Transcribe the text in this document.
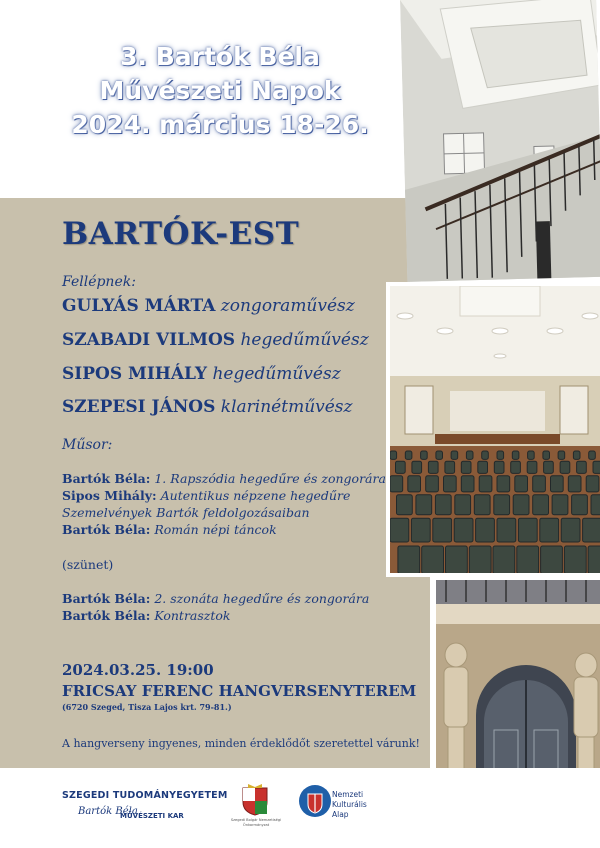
3. Bartók Béla
Művészeti Napok
2024. március 18-26.
BARTÓK-EST
Fellépnek:
GULYÁS MÁRTA zongoraművész
SZABADI VILMOS hegedűművész
SIPOS MIHÁLY hegedűművész
SZEPESI JÁNOS klarinétművész
Műsor:
Bartók Béla: 1. Rapszódia hegedűre és zongorára
Sipos Mihály: Autentikus népzene hegedűre
Szemelvények Bartók feldolgozásaiban
Bartók Béla: Román népi táncok
(szünet)
Bartók Béla: 2. szonáta hegedűre és zongorára
Bartók Béla: Kontrasztok
2024.03.25. 19:00
FRICSAY FERENC HANGVERSENYTEREM
(6720 Szeged, Tisza Lajos krt. 79-81.)
A hangverseny ingyenes, minden érdeklődőt szeretettel várunk!
SZEGEDI TUDOMÁNYEGYETEM
Bartók Béla
MŰVÉSZETI KAR	Szegedi Bolgár Nemzetiségi Önkormányzat
Nemzeti
Kulturális
Alap
